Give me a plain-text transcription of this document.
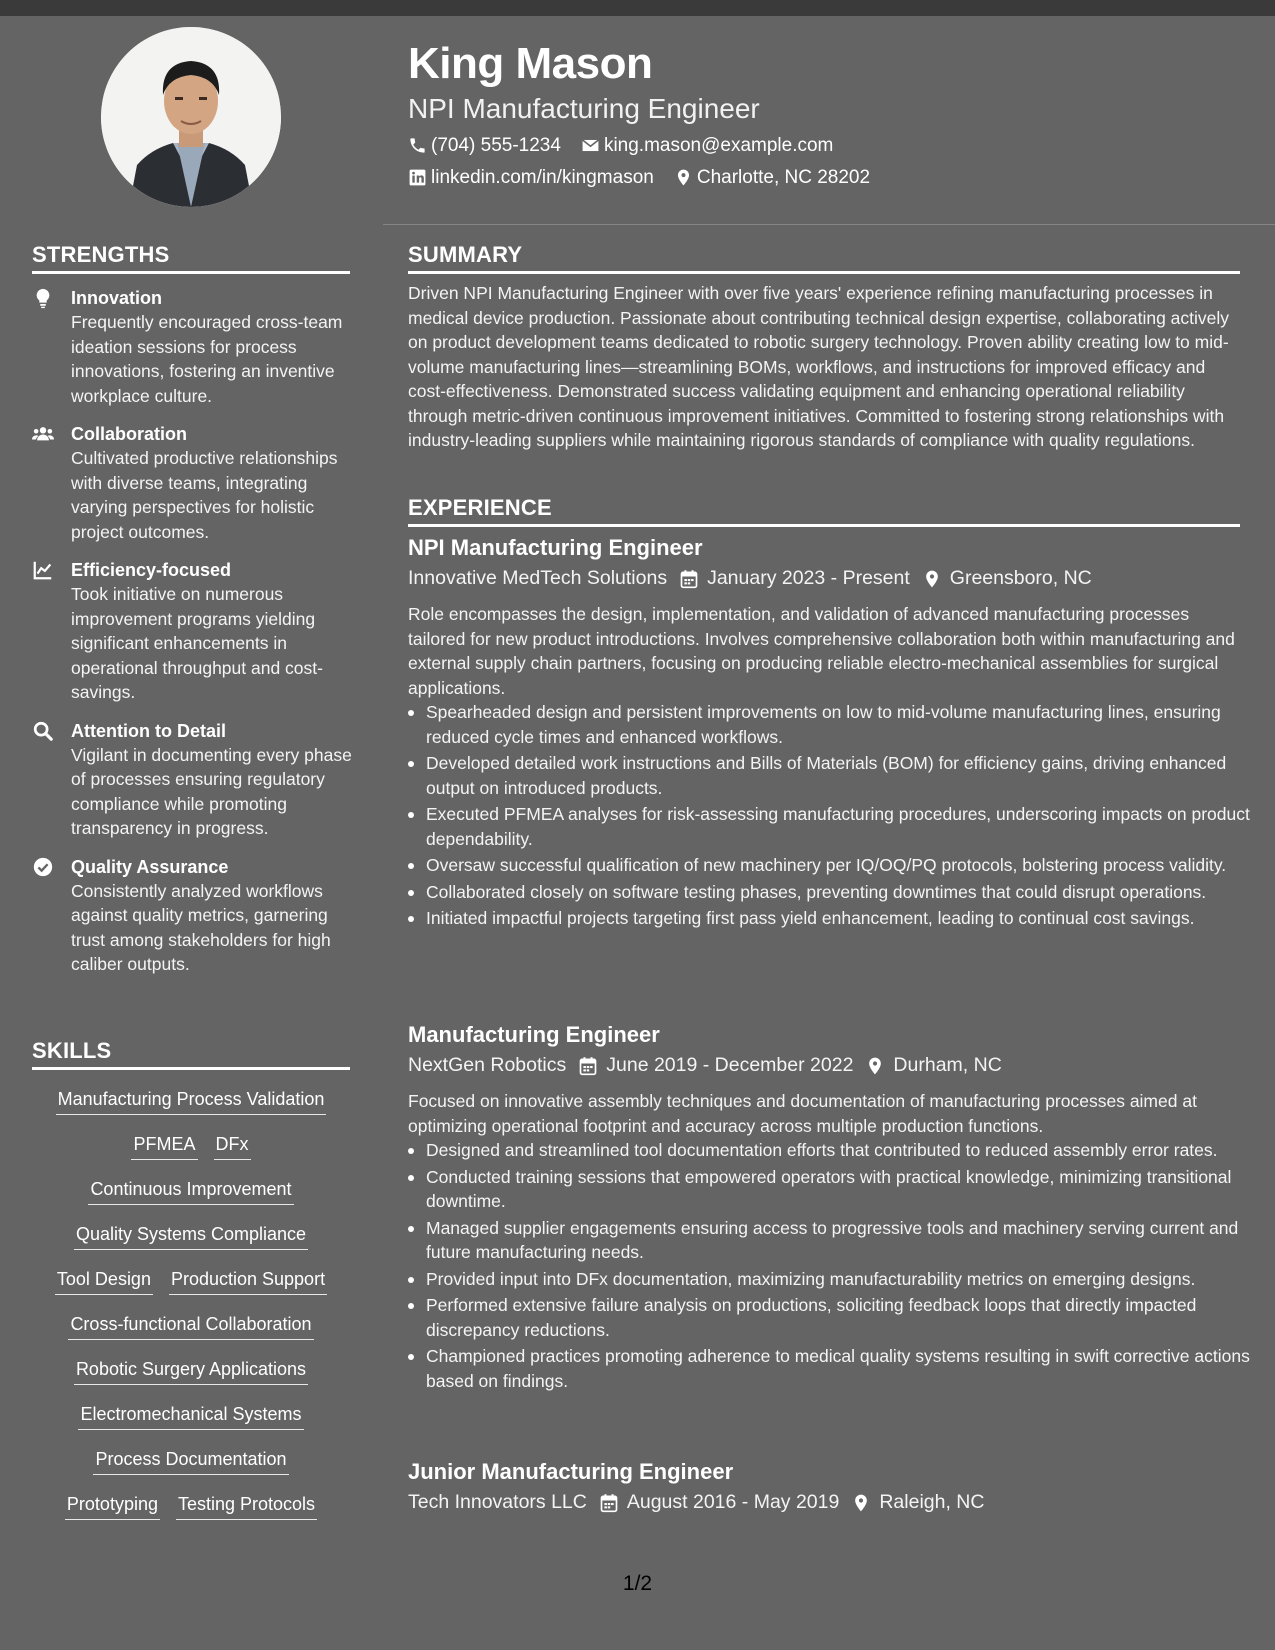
King Mason
NPI Manufacturing Engineer
(704) 555-1234 king.mason@example.com
linkedin.com/in/kingmason Charlotte, NC 28202
STRENGTHS
Innovation
Frequently encouraged cross-team ideation sessions for process innovations, fostering an inventive workplace culture.
Collaboration
Cultivated productive relationships with diverse teams, integrating varying perspectives for holistic project outcomes.
Efficiency-focused
Took initiative on numerous improvement programs yielding significant enhancements in operational throughput and cost-savings.
Attention to Detail
Vigilant in documenting every phase of processes ensuring regulatory compliance while promoting transparency in progress.
Quality Assurance
Consistently analyzed workflows against quality metrics, garnering trust among stakeholders for high caliber outputs.
SKILLS
Manufacturing Process Validation
PFMEA DFx
Continuous Improvement
Quality Systems Compliance
Tool Design Production Support
Cross-functional Collaboration
Robotic Surgery Applications
Electromechanical Systems
Process Documentation
Prototyping Testing Protocols
SUMMARY
Driven NPI Manufacturing Engineer with over five years' experience refining manufacturing processes in medical device production. Passionate about contributing technical design expertise, collaborating actively on product development teams dedicated to robotic surgery technology. Proven ability creating low to mid-volume manufacturing lines—streamlining BOMs, workflows, and instructions for improved efficacy and cost-effectiveness. Demonstrated success validating equipment and enhancing operational reliability through metric-driven continuous improvement initiatives. Committed to fostering strong relationships with industry-leading suppliers while maintaining rigorous standards of compliance with quality regulations.
EXPERIENCE
NPI Manufacturing Engineer
Innovative MedTech Solutions January 2023 - Present Greensboro, NC
Role encompasses the design, implementation, and validation of advanced manufacturing processes tailored for new product introductions. Involves comprehensive collaboration both within manufacturing and external supply chain partners, focusing on producing reliable electro-mechanical assemblies for surgical applications.
Spearheaded design and persistent improvements on low to mid-volume manufacturing lines, ensuring reduced cycle times and enhanced workflows.
Developed detailed work instructions and Bills of Materials (BOM) for efficiency gains, driving enhanced output on introduced products.
Executed PFMEA analyses for risk-assessing manufacturing procedures, underscoring impacts on product dependability.
Oversaw successful qualification of new machinery per IQ/OQ/PQ protocols, bolstering process validity.
Collaborated closely on software testing phases, preventing downtimes that could disrupt operations.
Initiated impactful projects targeting first pass yield enhancement, leading to continual cost savings.
Manufacturing Engineer
NextGen Robotics June 2019 - December 2022 Durham, NC
Focused on innovative assembly techniques and documentation of manufacturing processes aimed at optimizing operational footprint and accuracy across multiple production functions.
Designed and streamlined tool documentation efforts that contributed to reduced assembly error rates.
Conducted training sessions that empowered operators with practical knowledge, minimizing transitional downtime.
Managed supplier engagements ensuring access to progressive tools and machinery serving current and future manufacturing needs.
Provided input into DFx documentation, maximizing manufacturability metrics on emerging designs.
Performed extensive failure analysis on productions, soliciting feedback loops that directly impacted discrepancy reductions.
Championed practices promoting adherence to medical quality systems resulting in swift corrective actions based on findings.
Junior Manufacturing Engineer
Tech Innovators LLC August 2016 - May 2019 Raleigh, NC
1/2
